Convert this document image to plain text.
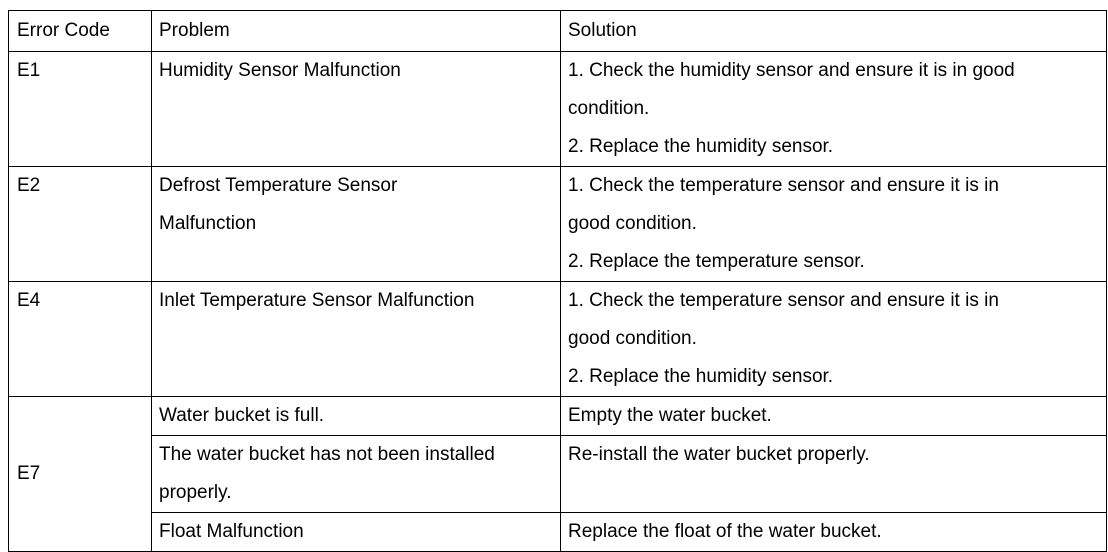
Error Code	Problem	Solution

E1	Humidity Sensor Malfunction	1. Check the humidity sensor and ensure it is in good
condition.
2. Replace the humidity sensor.

E2	Defrost Temperature Sensor
Malfunction	1. Check the temperature sensor and ensure it is in
good condition.
2. Replace the temperature sensor.

E4	Inlet Temperature Sensor Malfunction	1. Check the temperature sensor and ensure it is in
good condition.
2. Replace the humidity sensor.

E7	Water bucket is full.	Empty the water bucket.

	The water bucket has not been installed
properly.	Re-install the water bucket properly.

	Float Malfunction	Replace the float of the water bucket.
